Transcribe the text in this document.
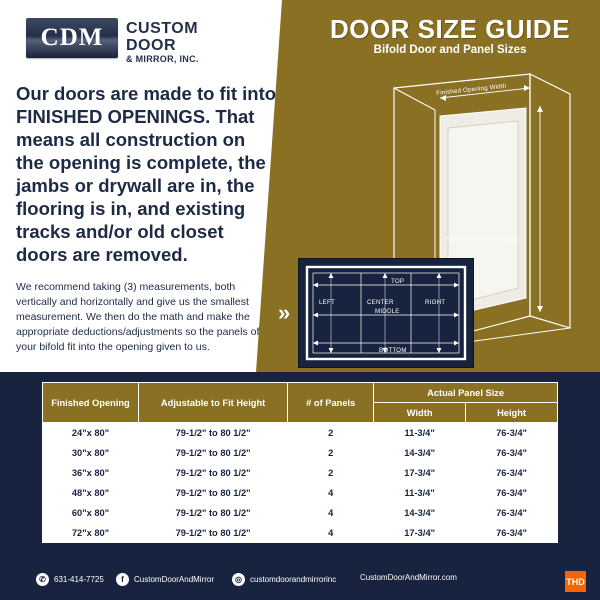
CDM	CUSTOM
DOOR
& MIRROR, INC.
Our doors are made to fit into FINISHED OPENINGS. That means all construction on the opening is complete, the jambs or drywall are in, the flooring is in, and existing tracks and/or old closet doors are removed.
We recommend taking (3) measurements, both vertically and horizontally and give us the smallest measurement. We then do the math and make the appropriate deductions/adjustments so the panels of your bifold fit into the opening given to us.
»
DOOR SIZE GUIDE
Bifold Door and Panel Sizes
Finished Opening Width
Finished Opening Height
TOP
MIDDLE
BOTTOM
LEFT	CENTER	RIGHT
Finished Opening	Adjustable to Fit Height	# of Panels	Actual Panel Size	
			Width	Height
24"x 80"	79-1/2" to 80 1/2"	2	11-3/4"	76-3/4"
30"x 80"	79-1/2" to 80 1/2"	2	14-3/4"	76-3/4"
36"x 80"	79-1/2" to 80 1/2"	2	17-3/4"	76-3/4"
48"x 80"	79-1/2" to 80 1/2"	4	11-3/4"	76-3/4"
60"x 80"	79-1/2" to 80 1/2"	4	14-3/4"	76-3/4"
72"x 80"	79-1/2" to 80 1/2"	4	17-3/4"	76-3/4"
✆	631-414-7725	f	CustomDoorAndMirror	◎	customdoorandmirrorinc	CustomDoorAndMirror.com	THD
